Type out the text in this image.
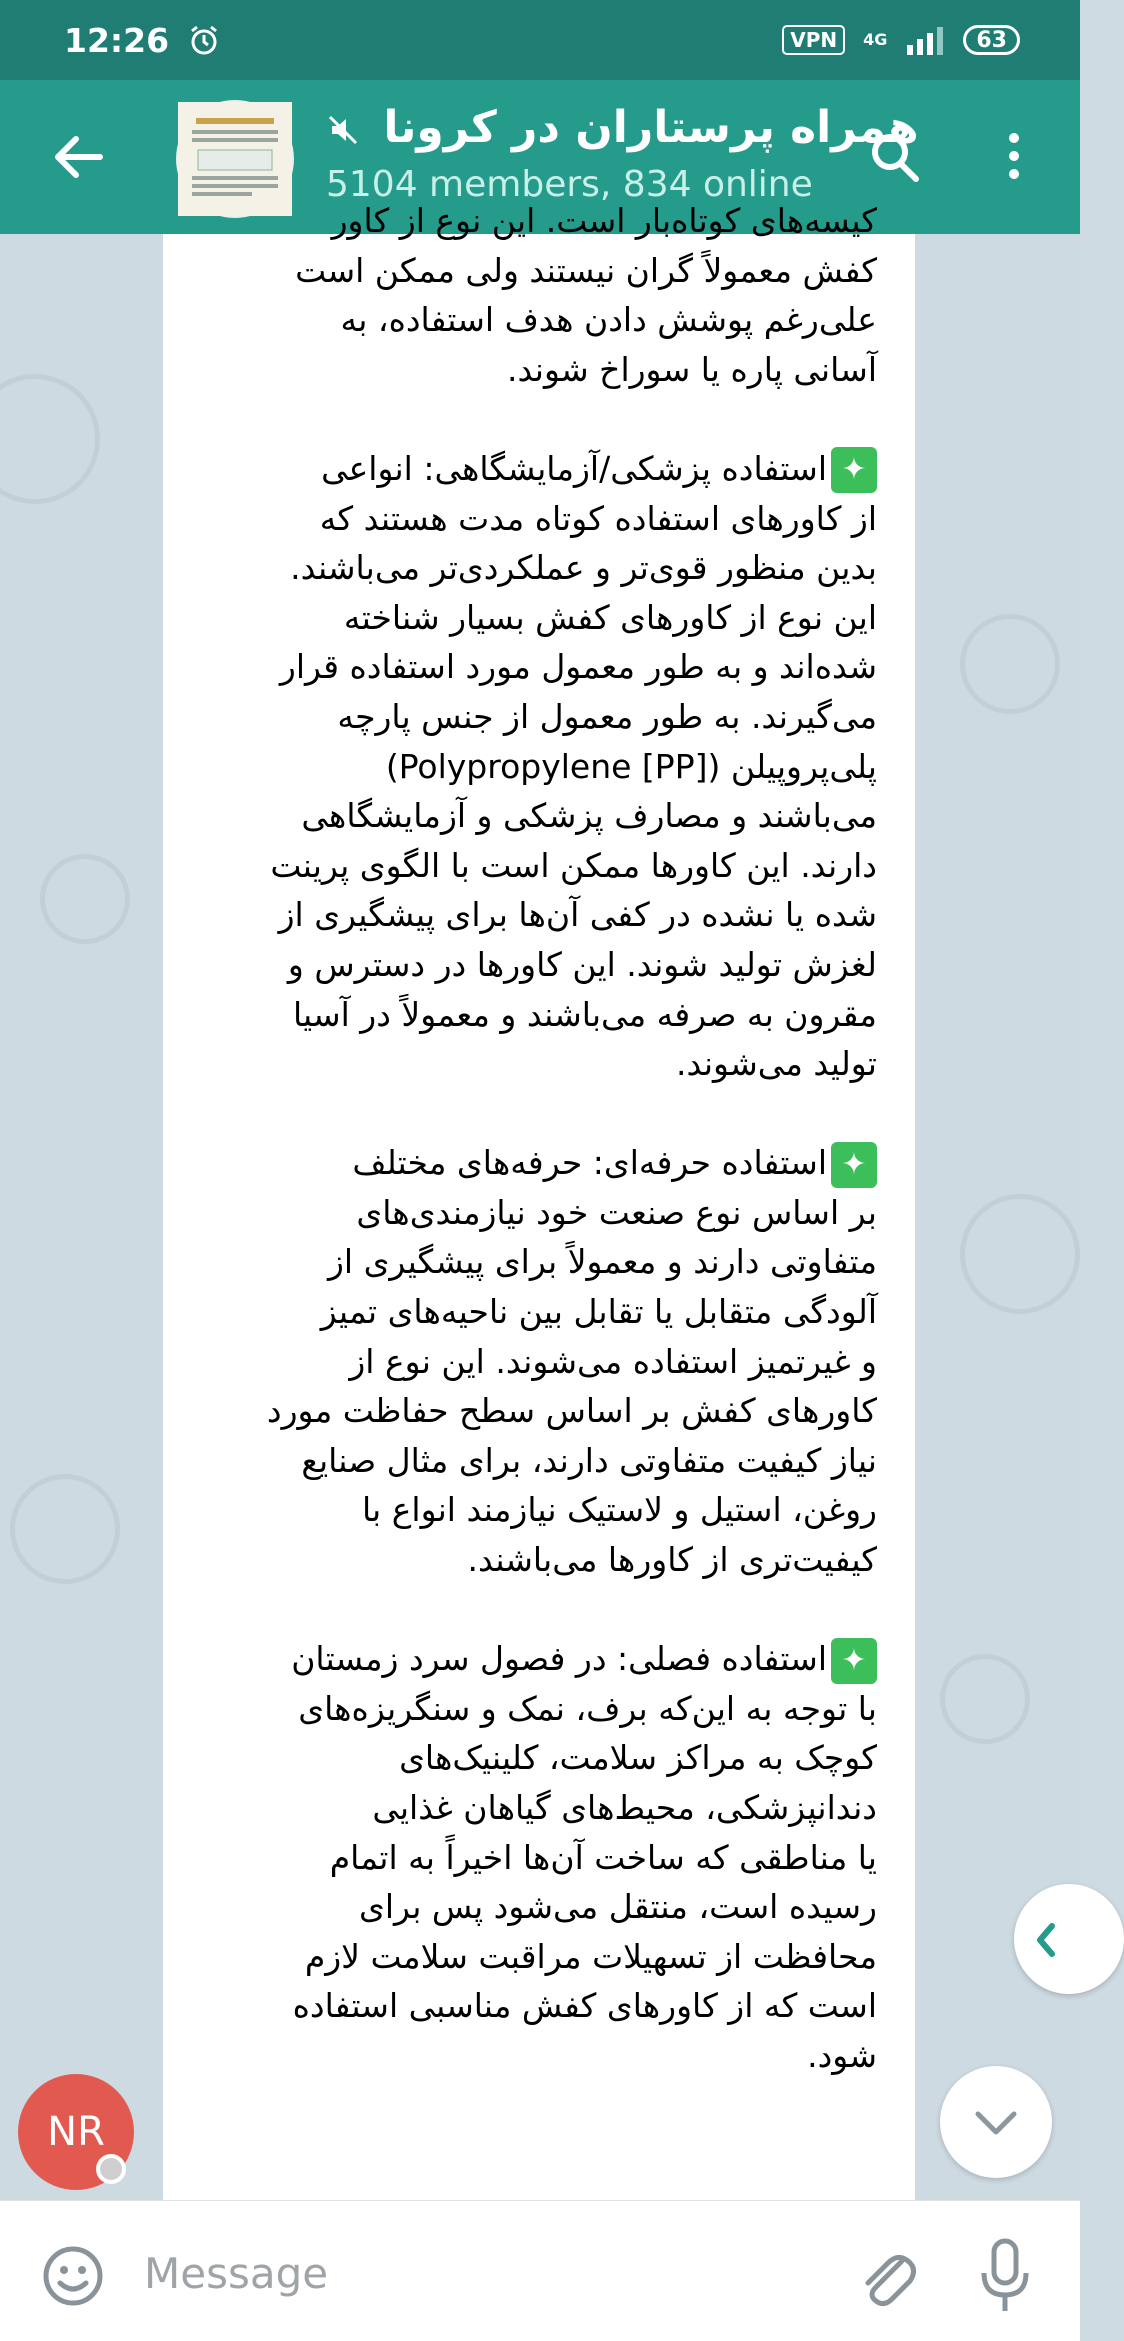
12:26	VPN	4G	63
همراه پرستاران در کرونا
5104 members, 834 online
کیسه‌های کوتاه‌بار است. این نوع از کاور
کفش معمولاً گران نیستند ولی ممکن است
علی‌رغم پوشش دادن هدف استفاده، به
آسانی پاره یا سوراخ شوند.
✦استفاده پزشکی/آزمایشگاهی: انواعی
از کاورهای استفاده کوتاه مدت هستند که
بدین منظور قوی‌تر و عملکردی‌تر می‌باشند.
این نوع از کاورهای کفش بسیار شناخته
شده‌اند و به طور معمول مورد استفاده قرار
می‌گیرند. به طور معمول از جنس پارچه
پلی‌پروپیلن (Polypropylene [PP])
می‌باشند و مصارف پزشکی و آزمایشگاهی
دارند. این کاورها ممکن است با الگوی پرینت
شده یا نشده در کفی آن‌ها برای پیشگیری از
لغزش تولید شوند. این کاورها در دسترس و
مقرون به صرفه می‌باشند و معمولاً در آسیا
تولید می‌شوند.
✦استفاده حرفه‌ای: حرفه‌های مختلف
بر اساس نوع صنعت خود نیازمندی‌های
متفاوتی دارند و معمولاً برای پیشگیری از
آلودگی متقابل یا تقابل بین ناحیه‌های تمیز
و غیرتمیز استفاده می‌شوند. این نوع از
کاورهای کفش بر اساس سطح حفاظت مورد
نیاز کیفیت متفاوتی دارند، برای مثال صنایع
روغن، استیل و لاستیک نیازمند انواع با
کیفیت‌تری از کاورها می‌باشند.
✦استفاده فصلی: در فصول سرد زمستان
با توجه به این‌که برف، نمک و سنگریزه‌های
کوچک به مراکز سلامت، کلینیک‌های
دندانپزشکی، محیط‌های گیاهان غذایی
یا مناطقی که ساخت آن‌ها اخیراً به اتمام
رسیده است، منتقل می‌شود پس برای
محافظت از تسهیلات مراقبت سلامت لازم
است که از کاورهای کفش مناسبی استفاده
شود.
NR
Message
